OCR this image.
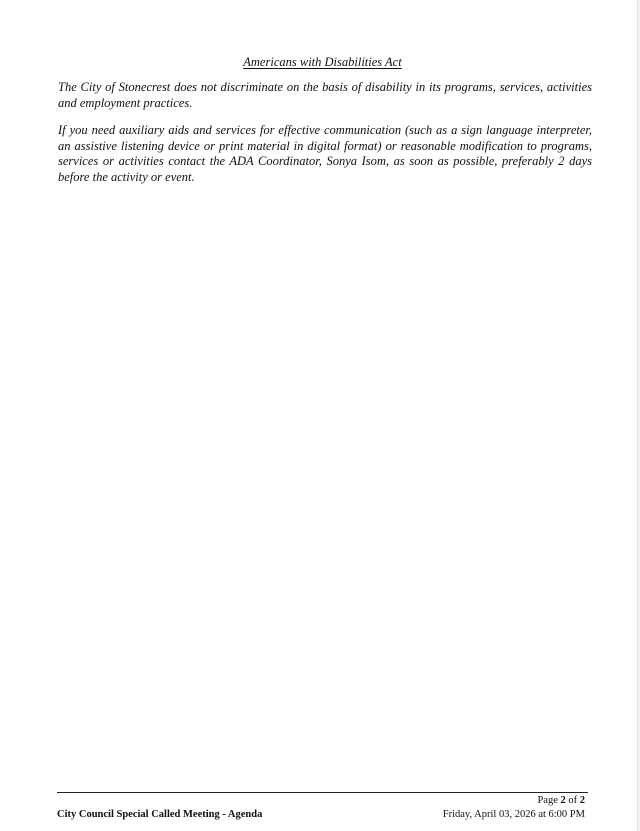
Americans with Disabilities Act

The City of Stonecrest does not discriminate on the basis of disability in its programs, services, activities and employment practices.

If you need auxiliary aids and services for effective communication (such as a sign language interpreter, an assistive listening device or print material in digital format) or reasonable modification to programs, services or activities contact the ADA Coordinator, Sonya Isom, as soon as possible, preferably 2 days before the activity or event.

Page 2 of 2
City Council Special Called Meeting - Agenda	Friday, April 03, 2026 at 6:00 PM
